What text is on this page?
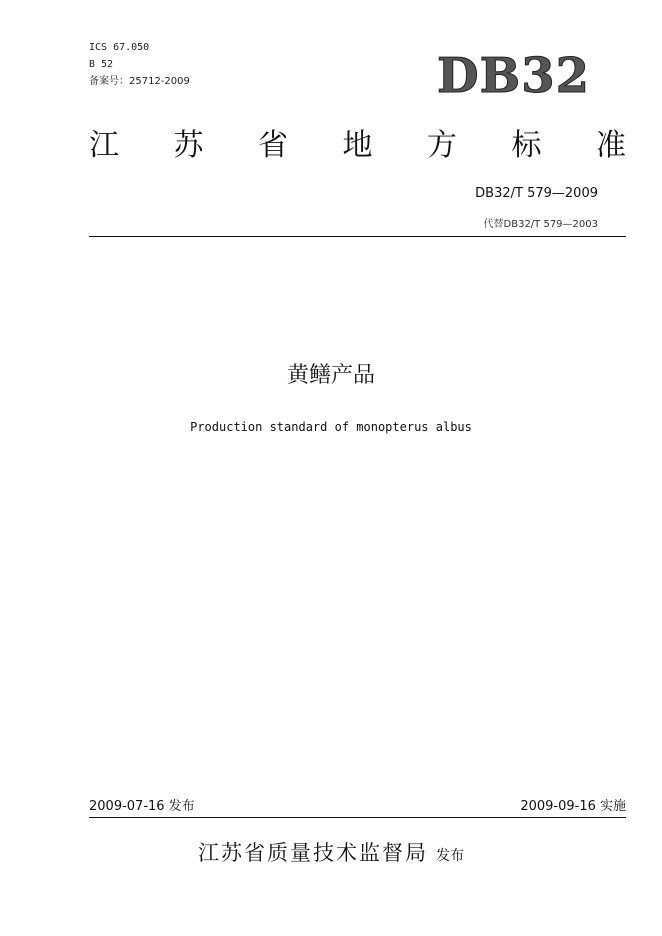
ICS 67.050
B 52
备案号：25712-2009	DB32
江 苏 省 地 方 标 准
DB32/T 579—2009
代替DB32/T 579—2003
黄鳝产品
Production standard of monopterus albus
2009-07-16 发布	2009-09-16 实施
江苏省质量技术监督局 发布
